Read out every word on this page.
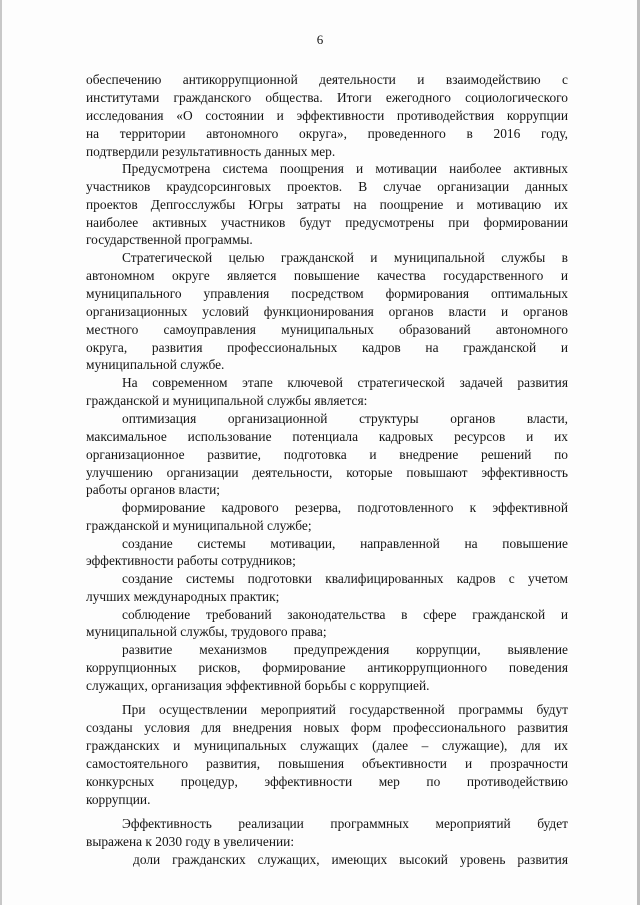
6
обеспечению антикоррупционной деятельности и взаимодействию с
институтами гражданского общества. Итоги ежегодного социологического
исследования «О состоянии и эффективности противодействия коррупции
на территории автономного округа», проведенного в 2016 году,
подтвердили результативность данных мер.
Предусмотрена система поощрения и мотивации наиболее активных
участников краудсорсинговых проектов. В случае организации данных
проектов Депгосслужбы Югры затраты на поощрение и мотивацию их
наиболее активных участников будут предусмотрены при формировании
государственной программы.
Стратегической целью гражданской и муниципальной службы в
автономном округе является повышение качества государственного и
муниципального управления посредством формирования оптимальных
организационных условий функционирования органов власти и органов
местного самоуправления муниципальных образований автономного
округа, развития профессиональных кадров на гражданской и
муниципальной службе.
На современном этапе ключевой стратегической задачей развития
гражданской и муниципальной службы является:
оптимизация организационной структуры органов власти,
максимальное использование потенциала кадровых ресурсов и их
организационное развитие, подготовка и внедрение решений по
улучшению организации деятельности, которые повышают эффективность
работы органов власти;
формирование кадрового резерва, подготовленного к эффективной
гражданской и муниципальной службе;
создание системы мотивации, направленной на повышение
эффективности работы сотрудников;
создание системы подготовки квалифицированных кадров с учетом
лучших международных практик;
соблюдение требований законодательства в сфере гражданской и
муниципальной службы, трудового права;
развитие механизмов предупреждения коррупции, выявление
коррупционных рисков, формирование антикоррупционного поведения
служащих, организация эффективной борьбы с коррупцией.
При осуществлении мероприятий государственной программы будут
созданы условия для внедрения новых форм профессионального развития
гражданских и муниципальных служащих (далее – служащие), для их
самостоятельного развития, повышения объективности и прозрачности
конкурсных процедур, эффективности мер по противодействию
коррупции.
Эффективность реализации программных мероприятий будет
выражена к 2030 году в увеличении:
доли гражданских служащих, имеющих высокий уровень развития
